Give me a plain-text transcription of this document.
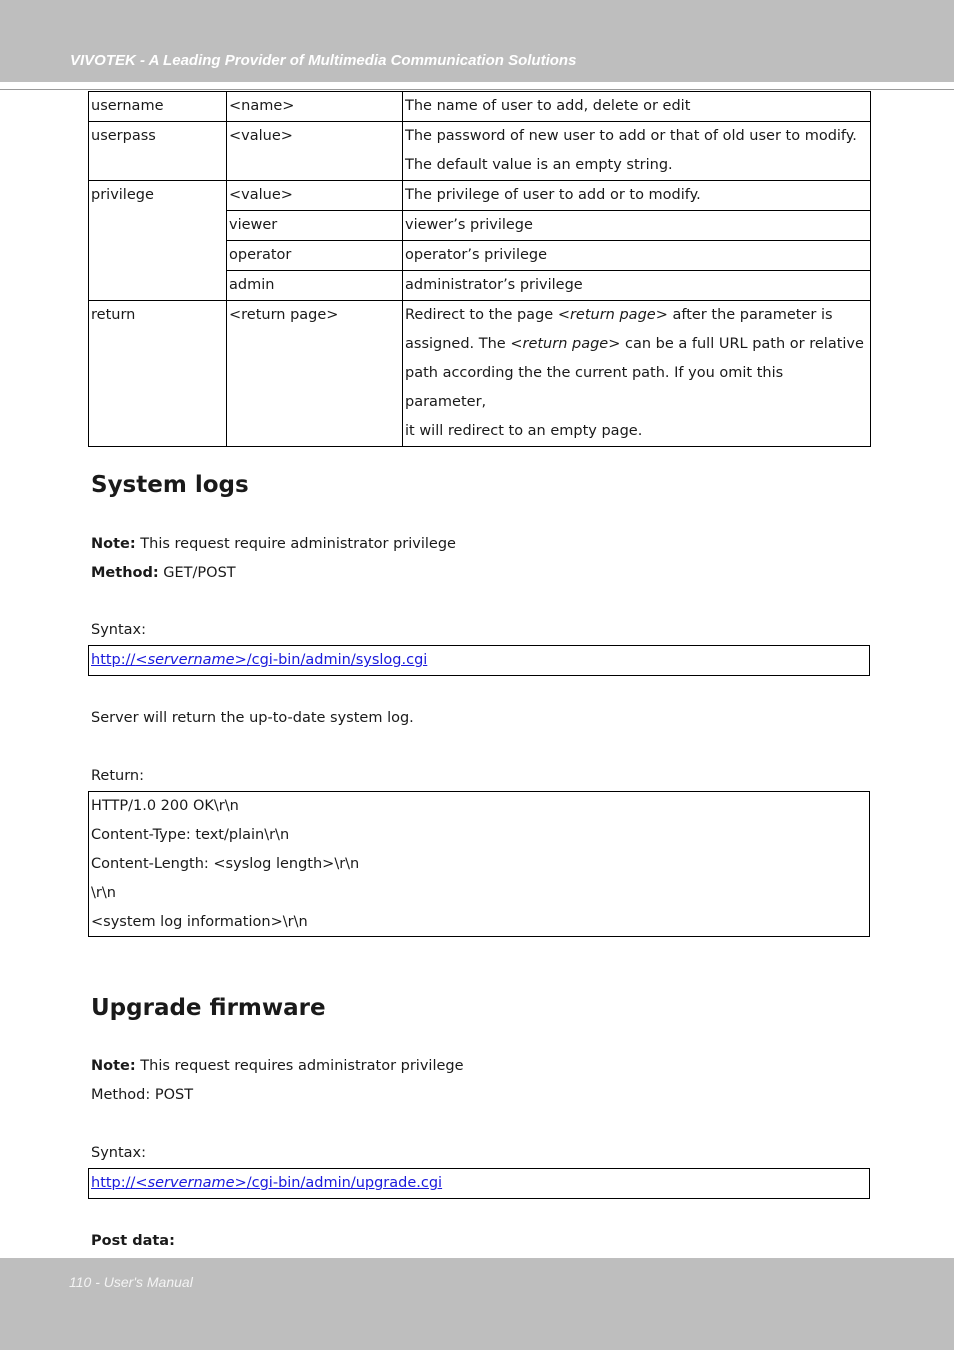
VIVOTEK - A Leading Provider of Multimedia Communication Solutions
username	<name>	The name of user to add, delete or edit
userpass	<value>	The password of new user to add or that of old user to modify.
The default value is an empty string.

privilege	<value>	The privilege of user to add or to modify.
	viewer	viewer’s privilege
	operator	operator’s privilege
	admin	administrator’s privilege
return	<return page>	Redirect to the page <return page> after the parameter is
assigned. The <return page> can be a full URL path or relative
path according the the current path. If you omit this parameter,
it will redirect to an empty page.
System logs
Note: This request require administrator privilege
Method: GET/POST
Syntax:
http://<servername>/cgi-bin/admin/syslog.cgi
Server will return the up-to-date system log.
Return:
HTTP/1.0 200 OK\r\n
Content-Type: text/plain\r\n
Content-Length: <syslog length>\r\n
\r\n
<system log information>\r\n
Upgrade firmware
Note: This request requires administrator privilege
Method: POST
Syntax:
http://<servername>/cgi-bin/admin/upgrade.cgi
Post data:
110 - User's Manual
